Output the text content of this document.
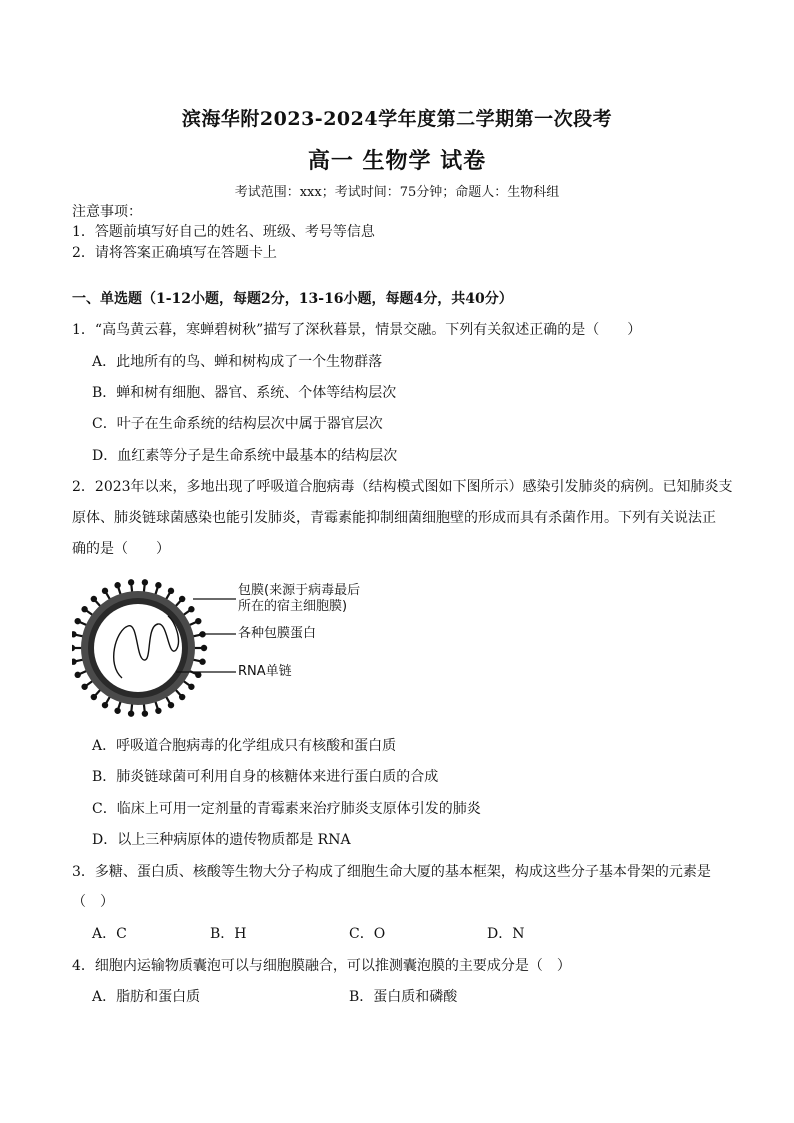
滨海华附2023-2024学年度第二学期第一次段考
高一 生物学 试卷
考试范围：xxx；考试时间：75分钟；命题人：生物科组
注意事项：
1．答题前填写好自己的姓名、班级、考号等信息
2．请将答案正确填写在答题卡上
一、单选题（1-12小题，每题2分，13-16小题，每题4分，共40分）
1．“高鸟黄云暮，寒蝉碧树秋”描写了深秋暮景，情景交融。下列有关叙述正确的是（　　）
A．此地所有的鸟、蝉和树构成了一个生物群落
B．蝉和树有细胞、器官、系统、个体等结构层次
C．叶子在生命系统的结构层次中属于器官层次
D．血红素等分子是生命系统中最基本的结构层次
2．2023年以来，多地出现了呼吸道合胞病毒（结构模式图如下图所示）感染引发肺炎的病例。已知肺炎支
原体、肺炎链球菌感染也能引发肺炎，青霉素能抑制细菌细胞壁的形成而具有杀菌作用。下列有关说法正
确的是（　　）
包膜(来源于病毒最后
所在的宿主细胞膜)
各种包膜蛋白
RNA单链
A．呼吸道合胞病毒的化学组成只有核酸和蛋白质
B．肺炎链球菌可利用自身的核糖体来进行蛋白质的合成
C．临床上可用一定剂量的青霉素来治疗肺炎支原体引发的肺炎
D．以上三种病原体的遗传物质都是 RNA
3．多糖、蛋白质、核酸等生物大分子构成了细胞生命大厦的基本框架，构成这些分子基本骨架的元素是
（　）
A．C	B．H	C．O	D．N
4．细胞内运输物质囊泡可以与细胞膜融合，可以推测囊泡膜的主要成分是（　）
A．脂肪和蛋白质	B．蛋白质和磷酸
